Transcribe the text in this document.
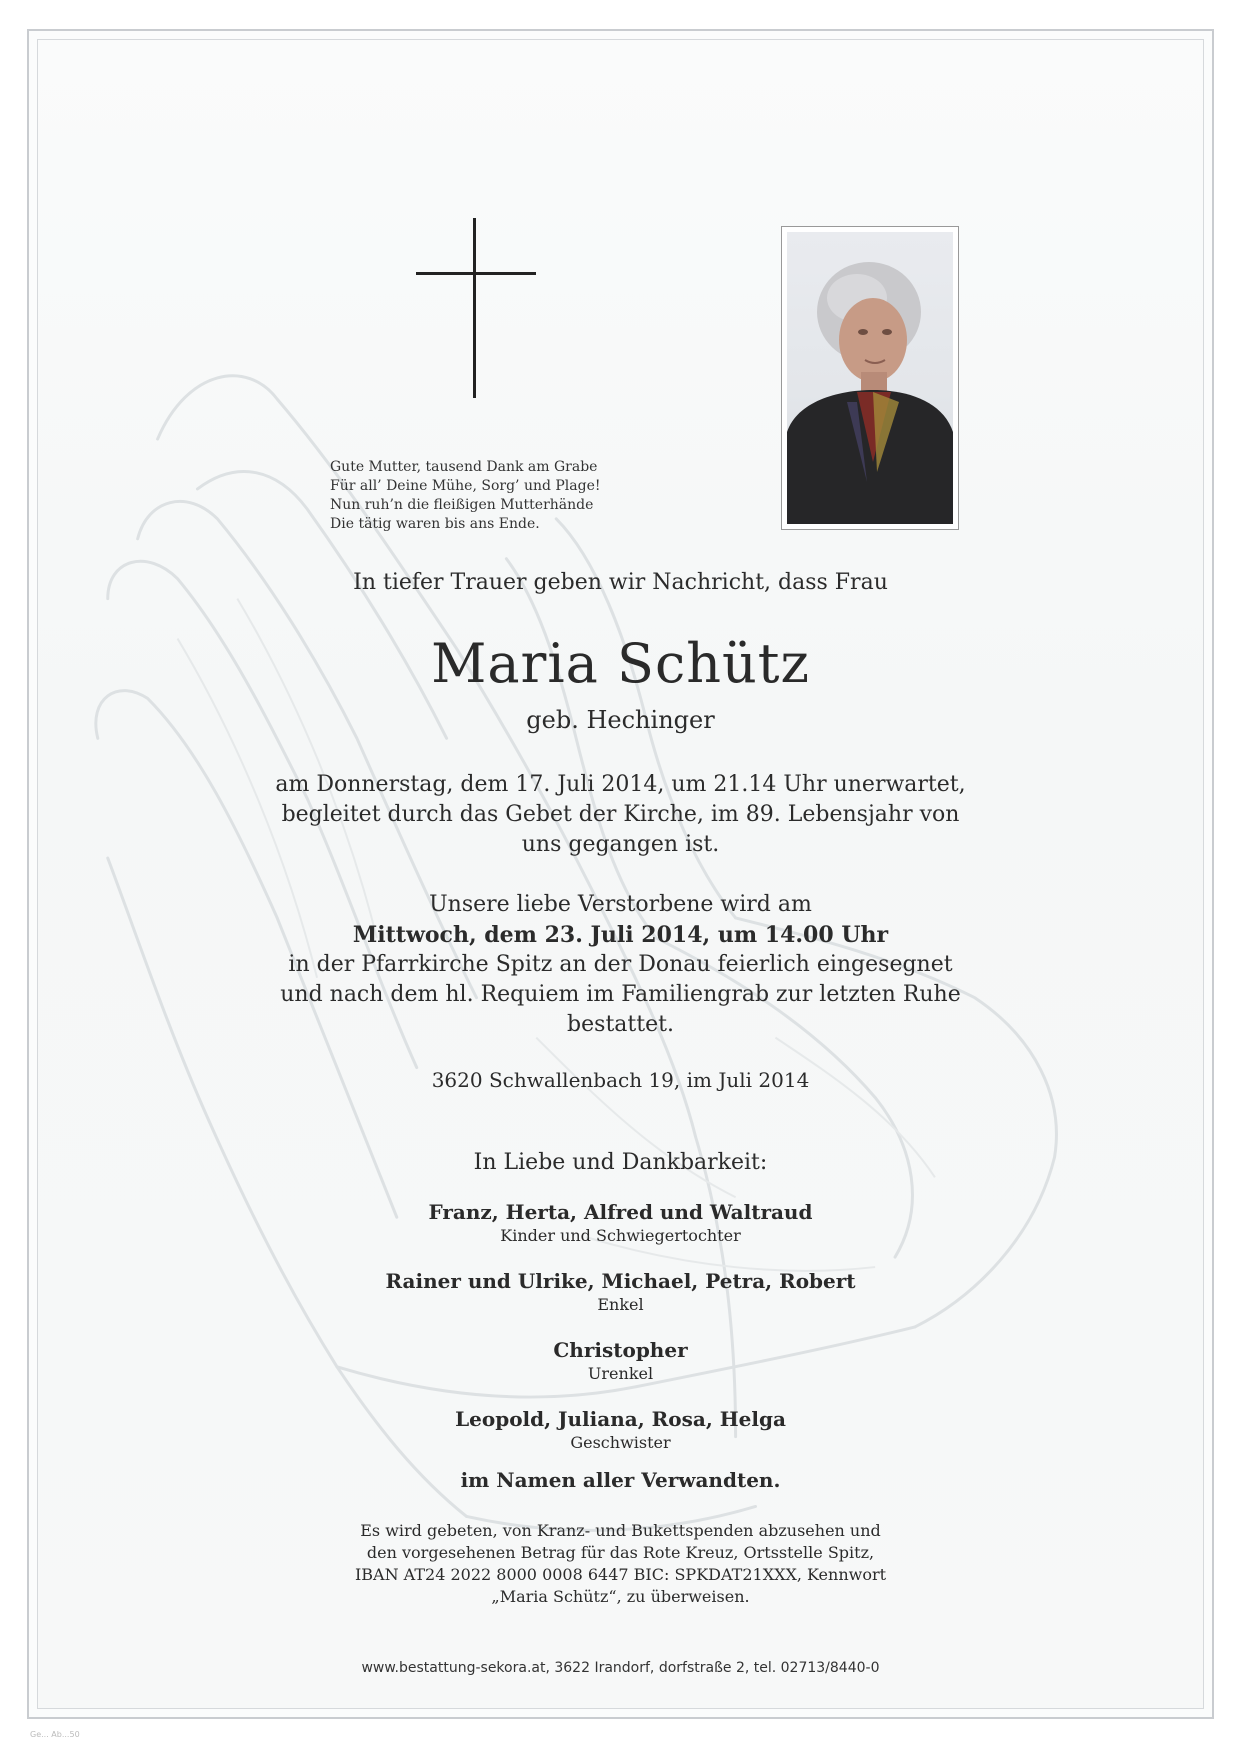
Gute Mutter, tausend Dank am Grabe
Für all’ Deine Mühe, Sorg’ und Plage!
Nun ruh’n die fleißigen Mutterhände
Die tätig waren bis ans Ende.
In tiefer Trauer geben wir Nachricht, dass Frau
Maria Schütz
geb. Hechinger
am Donnerstag, dem 17. Juli 2014, um 21.14 Uhr unerwartet,
begleitet durch das Gebet der Kirche, im 89. Lebensjahr von
uns gegangen ist.
Unsere liebe Verstorbene wird am
Mittwoch, dem 23. Juli 2014, um 14.00 Uhr
in der Pfarrkirche Spitz an der Donau feierlich eingesegnet
und nach dem hl. Requiem im Familiengrab zur letzten Ruhe
bestattet.
3620 Schwallenbach 19, im Juli 2014
In Liebe und Dankbarkeit:
Franz, Herta, Alfred und Waltraud
Kinder und Schwiegertochter
Rainer und Ulrike, Michael, Petra, Robert
Enkel
Christopher
Urenkel
Leopold, Juliana, Rosa, Helga
Geschwister
im Namen aller Verwandten.
Es wird gebeten, von Kranz- und Bukettspenden abzusehen und
den vorgesehenen Betrag für das Rote Kreuz, Ortsstelle Spitz,
IBAN AT24 2022 8000 0008 6447 BIC: SPKDAT21XXX, Kennwort
„Maria Schütz“, zu überweisen.
www.bestattung-sekora.at, 3622 Irandorf, dorfstraße 2, tel. 02713/8440-0
Ge... Ab...50
